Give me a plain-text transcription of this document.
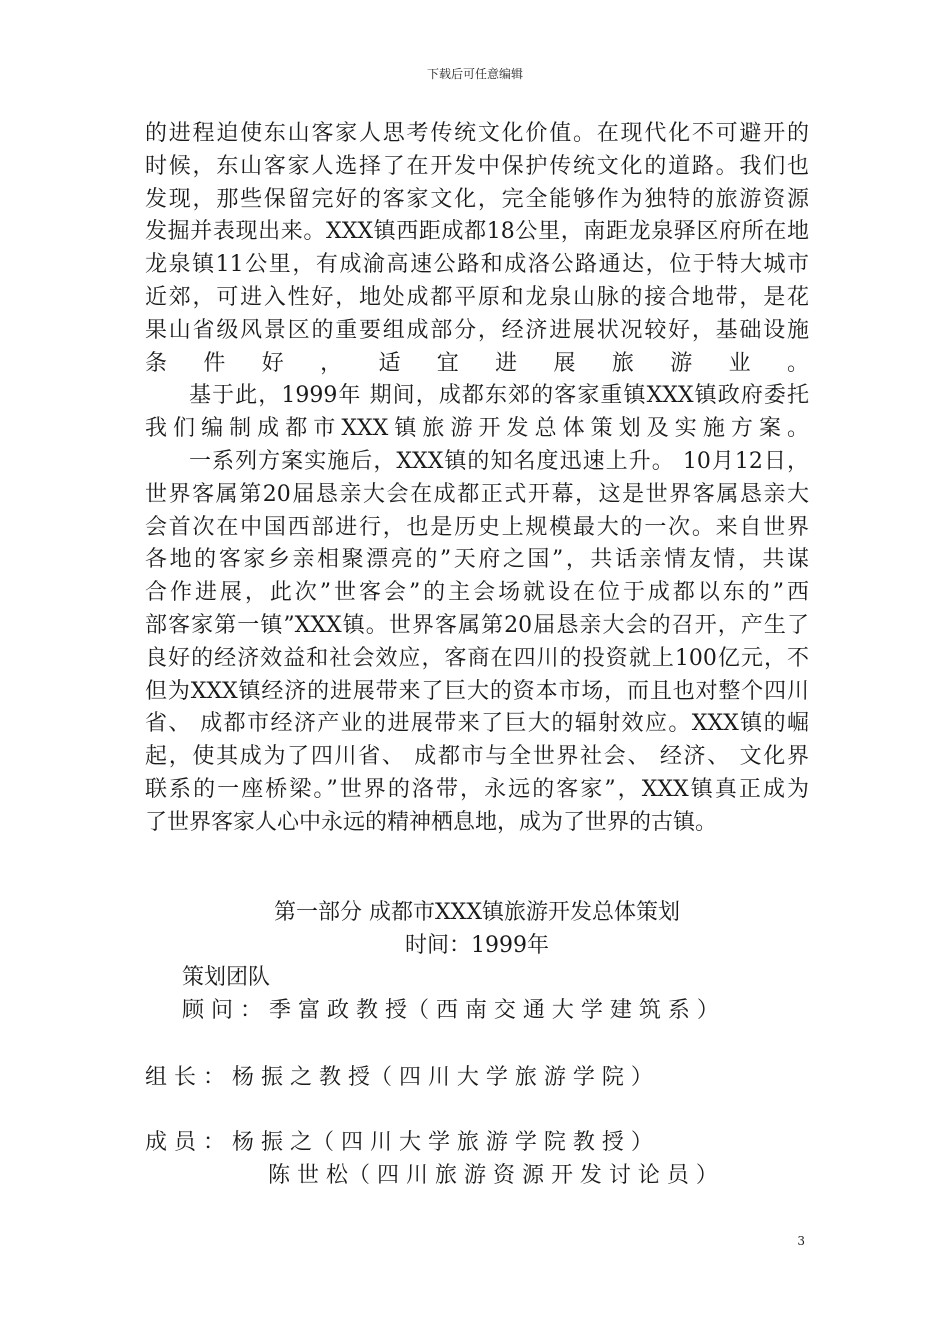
下载后可任意编辑
的进程迫使东山客家人思考传统文化价值。在现代化不可避开的
时候，东山客家人选择了在开发中保护传统文化的道路。我们也
发现，那些保留完好的客家文化，完全能够作为独特的旅游资源
发掘并表现出来。XXX镇西距成都18公里，南距龙泉驿区府所在地
龙泉镇11公里，有成渝高速公路和成洛公路通达，位于特大城市
近郊，可进入性好，地处成都平原和龙泉山脉的接合地带，是花
果山省级风景区的重要组成部分，经济进展状况较好，基础设施
条件好，适宜进展旅游业。
基于此，1999年 期间，成都东郊的客家重镇XXX镇政府委托
我们编制成都市XXX镇旅游开发总体策划及实施方案。
一系列方案实施后，XXX镇的知名度迅速上升。 10月12日，
世界客属第20届恳亲大会在成都正式开幕，这是世界客属恳亲大
会首次在中国西部进行，也是历史上规模最大的一次。来自世界
各地的客家乡亲相聚漂亮的”天府之国”，共话亲情友情，共谋
合作进展，此次”世客会”的主会场就设在位于成都以东的”西
部客家第一镇”XXX镇。世界客属第20届恳亲大会的召开，产生了
良好的经济效益和社会效应，客商在四川的投资就上100亿元，不
但为XXX镇经济的进展带来了巨大的资本市场，而且也对整个四川
省、 成都市经济产业的进展带来了巨大的辐射效应。XXX镇的崛
起，使其成为了四川省、 成都市与全世界社会、 经济、 文化界
联系的一座桥梁。”世界的洛带，永远的客家”，XXX镇真正成为
了世界客家人心中永远的精神栖息地，成为了世界的古镇。
第一部分 成都市XXX镇旅游开发总体策划
时间：1999年
策划团队
顾 问 ： 季 富 政 教 授（ 西 南 交 通 大 学 建 筑 系 ）
组 长 ： 杨 振 之 教 授（ 四 川 大 学 旅 游 学 院 ）
成 员 ： 杨 振 之（ 四 川 大 学 旅 游 学 院 教 授 ）
陈 世 松（ 四 川 旅 游 资 源 开 发 讨 论 员 ）
3
